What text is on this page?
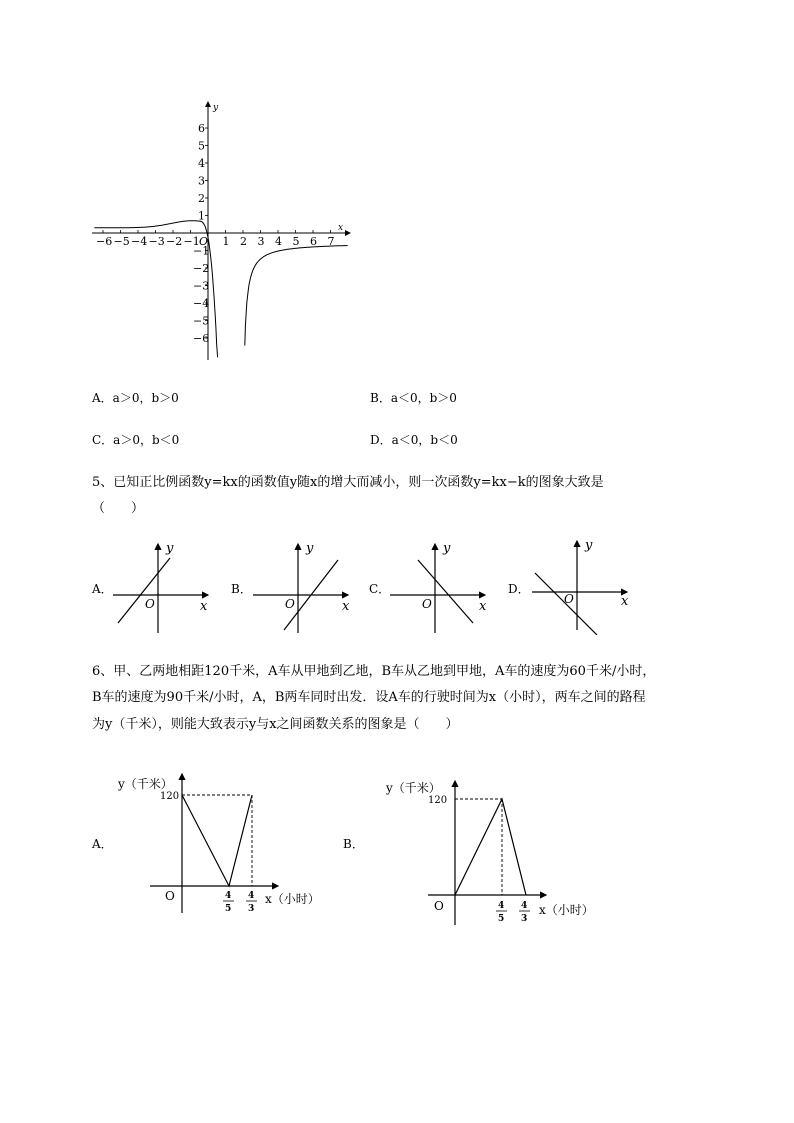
−6 −5 −4 −3 −2 −1 1 2 3 4 5 6 7
6
5
4
3
2
1
−1
−2
−3
−4
−5
−6
x
y
O
A．a＞0，b＞0	B．a＜0，b＞0
C．a＞0，b＜0	D．a＜0，b＜0
5、已知正比例函数y=kx的函数值y随x的增大而减小，则一次函数y=kx−k的图象大致是
（　　）
A．	B．	C．	D．
y
x
O
y
x
O
y
x
O
y
x
O
6、甲、乙两地相距120千米，A车从甲地到乙地，B车从乙地到甲地，A车的速度为60千米/小时，
B车的速度为90千米/小时，A，B两车同时出发．设A车的行驶时间为x（小时），两车之间的路程
为y（千米），则能大致表示y与x之间函数关系的图象是（　　）
A．	B．
y（千米）
120
O	4
5
4
3
x（小时）
y（千米）
120
O	4
5
4
3
x（小时）
